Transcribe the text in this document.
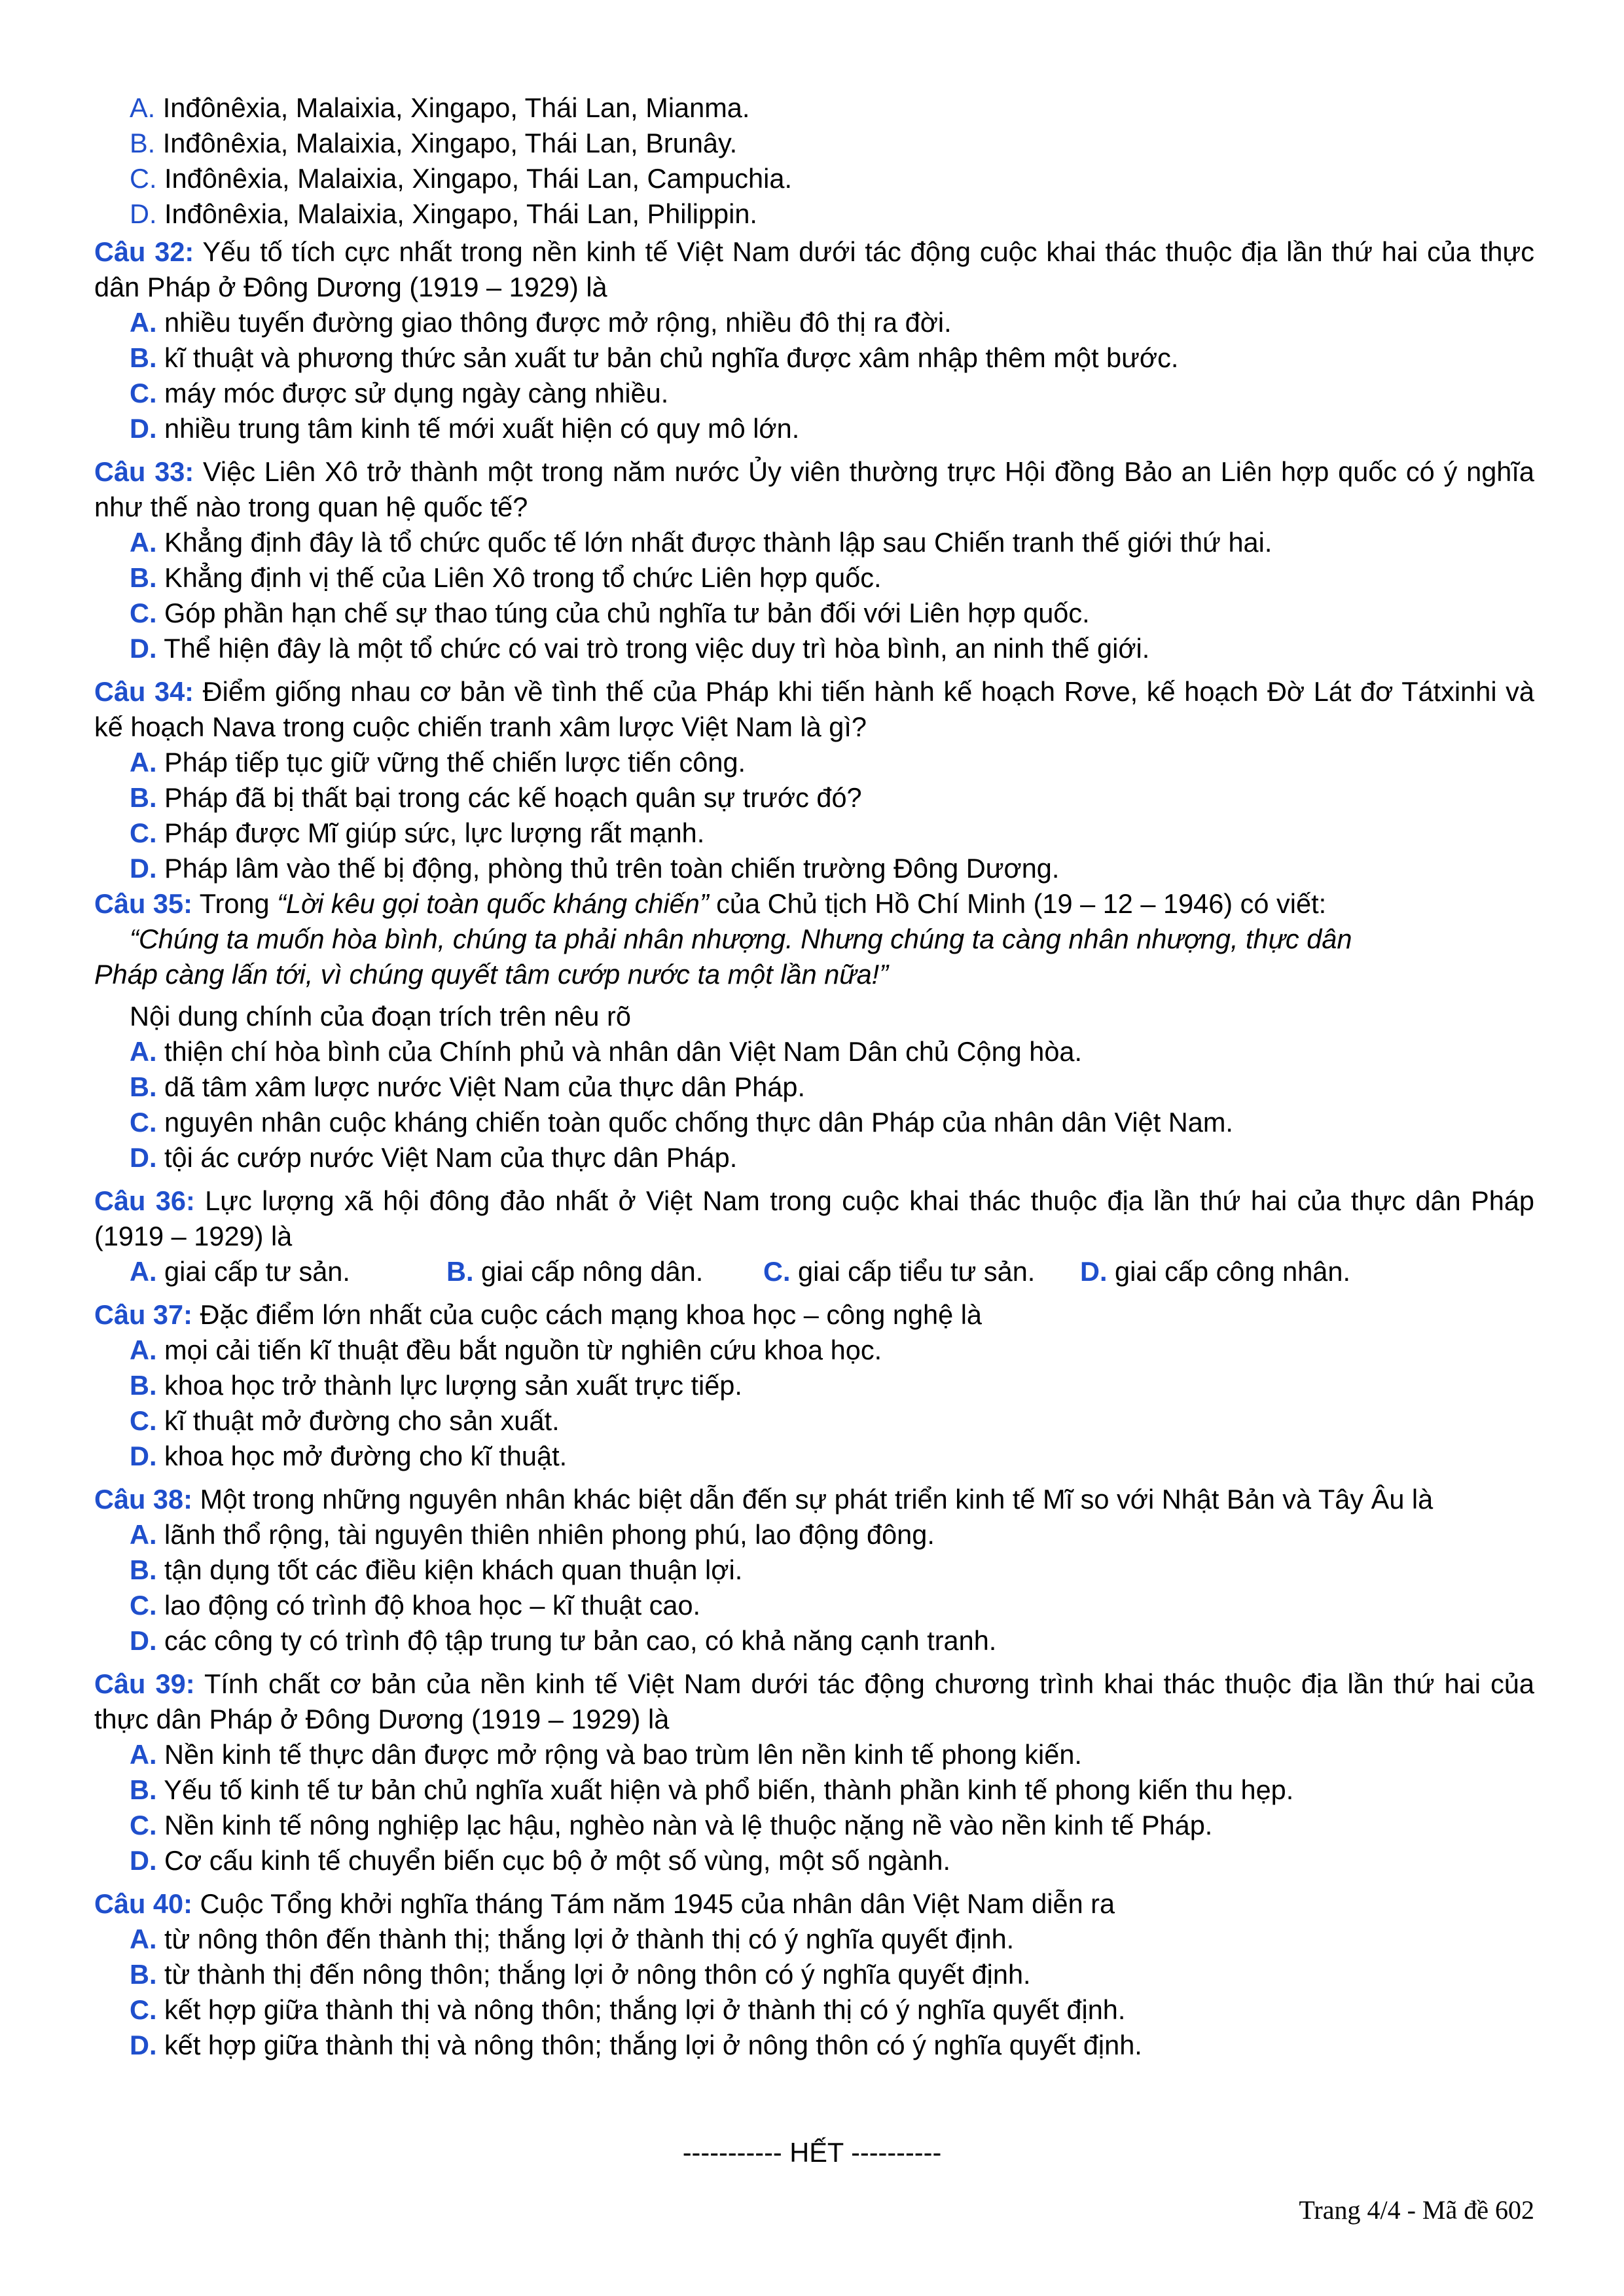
A. Inđônêxia, Malaixia, Xingapo, Thái Lan, Mianma.

B. Inđônêxia, Malaixia, Xingapo, Thái Lan, Brunây.

C. Inđônêxia, Malaixia, Xingapo, Thái Lan, Campuchia.

D. Inđônêxia, Malaixia, Xingapo, Thái Lan, Philippin.

Câu 32: Yếu tố tích cực nhất trong nền kinh tế Việt Nam dưới tác động cuộc khai thác thuộc địa lần thứ hai của thực dân Pháp ở Đông Dương (1919 – 1929) là

A. nhiều tuyến đường giao thông được mở rộng, nhiều đô thị ra đời.

B. kĩ thuật và phương thức sản xuất tư bản chủ nghĩa được xâm nhập thêm một bước.

C. máy móc được sử dụng ngày càng nhiều.

D. nhiều trung tâm kinh tế mới xuất hiện có quy mô lớn.

Câu 33: Việc Liên Xô trở thành một trong năm nước Ủy viên thường trực Hội đồng Bảo an Liên hợp quốc có ý nghĩa như thế nào trong quan hệ quốc tế?

A. Khẳng định đây là tổ chức quốc tế lớn nhất được thành lập sau Chiến tranh thế giới thứ hai.

B. Khẳng định vị thế của Liên Xô trong tổ chức Liên hợp quốc.

C. Góp phần hạn chế sự thao túng của chủ nghĩa tư bản đối với Liên hợp quốc.

D. Thể hiện đây là một tổ chức có vai trò trong việc duy trì hòa bình, an ninh thế giới.

Câu 34: Điểm giống nhau cơ bản về tình thế của Pháp khi tiến hành kế hoạch Rơve, kế hoạch Đờ Lát đơ Tátxinhi và kế hoạch Nava trong cuộc chiến tranh xâm lược Việt Nam là gì?

A. Pháp tiếp tục giữ vững thế chiến lược tiến công.

B. Pháp đã bị thất bại trong các kế hoạch quân sự trước đó?

C. Pháp được Mĩ giúp sức, lực lượng rất mạnh.

D. Pháp lâm vào thế bị động, phòng thủ trên toàn chiến trường Đông Dương.

Câu 35: Trong “Lời kêu gọi toàn quốc kháng chiến” của Chủ tịch Hồ Chí Minh (19 – 12 – 1946) có viết:

“Chúng ta muốn hòa bình, chúng ta phải nhân nhượng. Nhưng chúng ta càng nhân nhượng, thực dân

Pháp càng lấn tới, vì chúng quyết tâm cướp nước ta một lần nữa!”

Nội dung chính của đoạn trích trên nêu rõ

A. thiện chí hòa bình của Chính phủ và nhân dân Việt Nam Dân chủ Cộng hòa.

B. dã tâm xâm lược nước Việt Nam của thực dân Pháp.

C. nguyên nhân cuộc kháng chiến toàn quốc chống thực dân Pháp của nhân dân Việt Nam.

D. tội ác cướp nước Việt Nam của thực dân Pháp.

Câu 36: Lực lượng xã hội đông đảo nhất ở Việt Nam trong cuộc khai thác thuộc địa lần thứ hai của thực dân Pháp (1919 – 1929) là

A. giai cấp tư sản.	B. giai cấp nông dân.	C. giai cấp tiểu tư sản.	D. giai cấp công nhân.

Câu 37: Đặc điểm lớn nhất của cuộc cách mạng khoa học – công nghệ là

A. mọi cải tiến kĩ thuật đều bắt nguồn từ nghiên cứu khoa học.

B. khoa học trở thành lực lượng sản xuất trực tiếp.

C. kĩ thuật mở đường cho sản xuất.

D. khoa học mở đường cho kĩ thuật.

Câu 38: Một trong những nguyên nhân khác biệt dẫn đến sự phát triển kinh tế Mĩ so với Nhật Bản và Tây Âu là

A. lãnh thổ rộng, tài nguyên thiên nhiên phong phú, lao động đông.

B. tận dụng tốt các điều kiện khách quan thuận lợi.

C. lao động có trình độ khoa học – kĩ thuật cao.

D. các công ty có trình độ tập trung tư bản cao, có khả năng cạnh tranh.

Câu 39: Tính chất cơ bản của nền kinh tế Việt Nam dưới tác động chương trình khai thác thuộc địa lần thứ hai của thực dân Pháp ở Đông Dương (1919 – 1929) là

A. Nền kinh tế thực dân được mở rộng và bao trùm lên nền kinh tế phong kiến.

B. Yếu tố kinh tế tư bản chủ nghĩa xuất hiện và phổ biến, thành phần kinh tế phong kiến thu hẹp.

C. Nền kinh tế nông nghiệp lạc hậu, nghèo nàn và lệ thuộc nặng nề vào nền kinh tế Pháp.

D. Cơ cấu kinh tế chuyển biến cục bộ ở một số vùng, một số ngành.

Câu 40: Cuộc Tổng khởi nghĩa tháng Tám năm 1945 của nhân dân Việt Nam diễn ra

A. từ nông thôn đến thành thị; thắng lợi ở thành thị có ý nghĩa quyết định.

B. từ thành thị đến nông thôn; thắng lợi ở nông thôn có ý nghĩa quyết định.

C. kết hợp giữa thành thị và nông thôn; thắng lợi ở thành thị có ý nghĩa quyết định.

D. kết hợp giữa thành thị và nông thôn; thắng lợi ở nông thôn có ý nghĩa quyết định.

----------- HẾT ----------
Trang 4/4 - Mã đề 602
